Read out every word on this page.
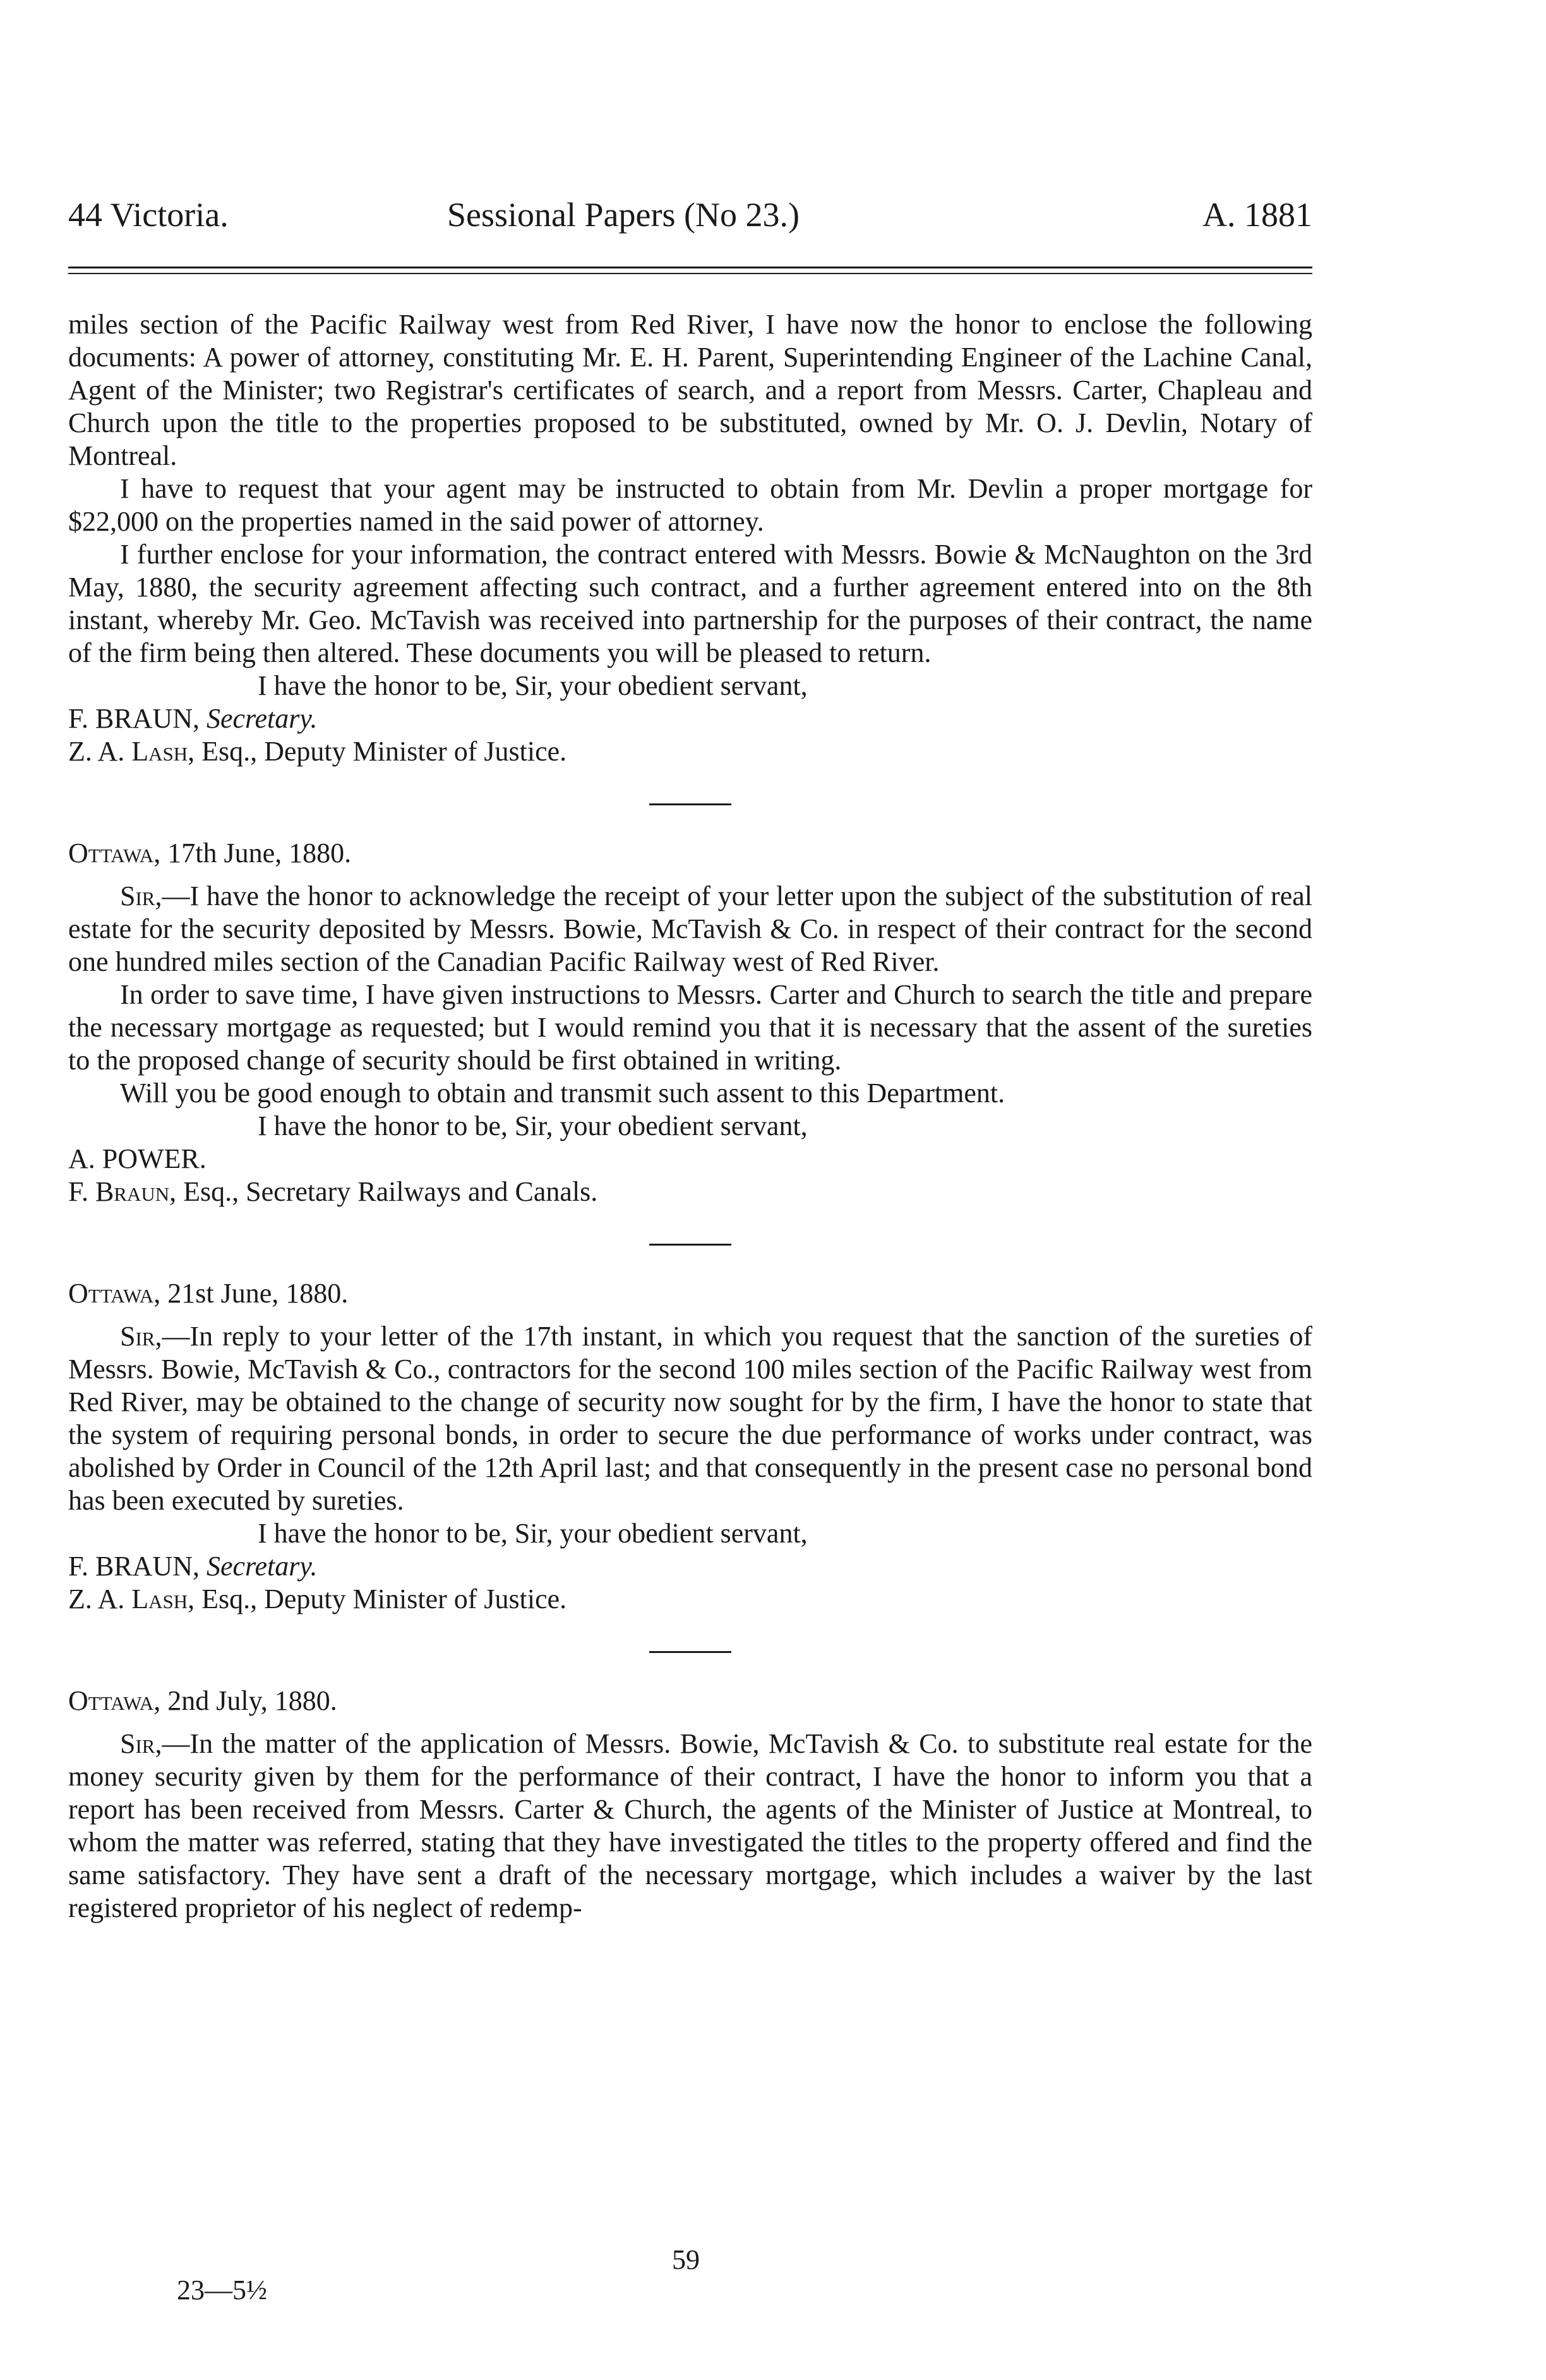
44 Victoria.	Sessional Papers (No 23.)	A. 1881

miles section of the Pacific Railway west from Red River, I have now the honor to enclose the following documents: A power of attorney, constituting Mr. E. H. Parent, Superintending Engineer of the Lachine Canal, Agent of the Minister; two Registrar's certificates of search, and a report from Messrs. Carter, Chapleau and Church upon the title to the properties proposed to be substituted, owned by Mr. O. J. Devlin, Notary of Montreal.

I have to request that your agent may be instructed to obtain from Mr. Devlin a proper mortgage for $22,000 on the properties named in the said power of attorney.

I further enclose for your information, the contract entered with Messrs. Bowie & McNaughton on the 3rd May, 1880, the security agreement affecting such contract, and a further agreement entered into on the 8th instant, whereby Mr. Geo. McTavish was received into partnership for the purposes of their contract, the name of the firm being then altered. These documents you will be pleased to return.

I have the honor to be, Sir, your obedient servant,

F. BRAUN, Secretary.

Z. A. Lash, Esq., Deputy Minister of Justice.

Ottawa, 17th June, 1880.

Sir,—I have the honor to acknowledge the receipt of your letter upon the subject of the substitution of real estate for the security deposited by Messrs. Bowie, McTavish & Co. in respect of their contract for the second one hundred miles section of the Canadian Pacific Railway west of Red River.

In order to save time, I have given instructions to Messrs. Carter and Church to search the title and prepare the necessary mortgage as requested; but I would remind you that it is necessary that the assent of the sureties to the proposed change of security should be first obtained in writing.

Will you be good enough to obtain and transmit such assent to this Department.

I have the honor to be, Sir, your obedient servant,

A. POWER.

F. Braun, Esq., Secretary Railways and Canals.

Ottawa, 21st June, 1880.

Sir,—In reply to your letter of the 17th instant, in which you request that the sanction of the sureties of Messrs. Bowie, McTavish & Co., contractors for the second 100 miles section of the Pacific Railway west from Red River, may be obtained to the change of security now sought for by the firm, I have the honor to state that the system of requiring personal bonds, in order to secure the due performance of works under contract, was abolished by Order in Council of the 12th April last; and that consequently in the present case no personal bond has been executed by sureties.

I have the honor to be, Sir, your obedient servant,

F. BRAUN, Secretary.

Z. A. Lash, Esq., Deputy Minister of Justice.

Ottawa, 2nd July, 1880.

Sir,—In the matter of the application of Messrs. Bowie, McTavish & Co. to substitute real estate for the money security given by them for the performance of their contract, I have the honor to inform you that a report has been received from Messrs. Carter & Church, the agents of the Minister of Justice at Montreal, to whom the matter was referred, stating that they have investigated the titles to the property offered and find the same satisfactory. They have sent a draft of the necessary mortgage, which includes a waiver by the last registered proprietor of his neglect of redemp-

59
23—5½
